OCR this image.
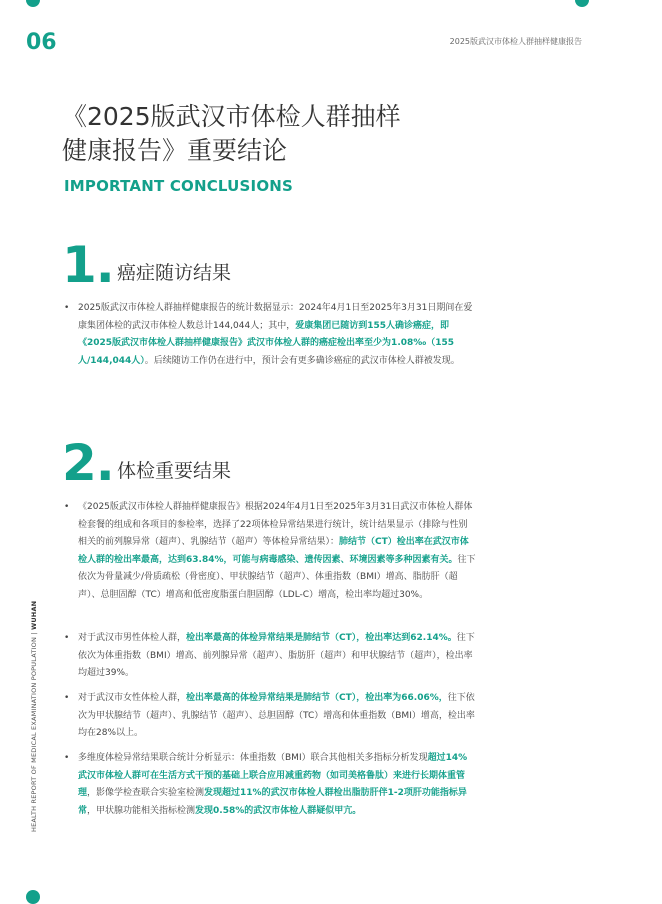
06	2025版武汉市体检人群抽样健康报告
《2025版武汉市体检人群抽样
健康报告》重要结论
IMPORTANT CONCLUSIONS
1. 癌症随访结果
• 2025版武汉市体检人群抽样健康报告的统计数据显示：2024年4月1日至2025年3月31日期间在爱康集团体检的武汉市体检人数总计144,044人；其中，爱康集团已随访到155人确诊癌症，即《2025版武汉市体检人群抽样健康报告》武汉市体检人群的癌症检出率至少为1.08‰（155人/144,044人）。后续随访工作仍在进行中，预计会有更多确诊癌症的武汉市体检人群被发现。
2. 体检重要结果
• 《2025版武汉市体检人群抽样健康报告》根据2024年4月1日至2025年3月31日武汉市体检人群体检套餐的组成和各项目的参检率，选择了22项体检异常结果进行统计，统计结果显示（排除与性别相关的前列腺异常（超声）、乳腺结节（超声）等体检异常结果）：肺结节（CT）检出率在武汉市体检人群的检出率最高，达到63.84%，可能与病毒感染、遗传因素、环境因素等多种因素有关。往下依次为骨量减少/骨质疏松（骨密度）、甲状腺结节（超声）、体重指数（BMI）增高、脂肪肝（超声）、总胆固醇（TC）增高和低密度脂蛋白胆固醇（LDL-C）增高，检出率均超过30%。
• 对于武汉市男性体检人群，检出率最高的体检异常结果是肺结节（CT），检出率达到62.14%。往下依次为体重指数（BMI）增高、前列腺异常（超声）、脂肪肝（超声）和甲状腺结节（超声），检出率均超过39%。
• 对于武汉市女性体检人群，检出率最高的体检异常结果是肺结节（CT），检出率为66.06%，往下依次为甲状腺结节（超声）、乳腺结节（超声）、总胆固醇（TC）增高和体重指数（BMI）增高，检出率均在28%以上。
• 多维度体检异常结果联合统计分析显示：体重指数（BMI）联合其他相关多指标分析发现超过14%武汉市体检人群可在生活方式干预的基础上联合应用减重药物（如司美格鲁肽）来进行长期体重管理，影像学检查联合实验室检测发现超过11%的武汉市体检人群检出脂肪肝伴1-2项肝功能指标异常，甲状腺功能相关指标检测发现0.58%的武汉市体检人群疑似甲亢。
HEALTH REPORT OF MEDICAL EXAMINATION POPULATION | WUHAN
